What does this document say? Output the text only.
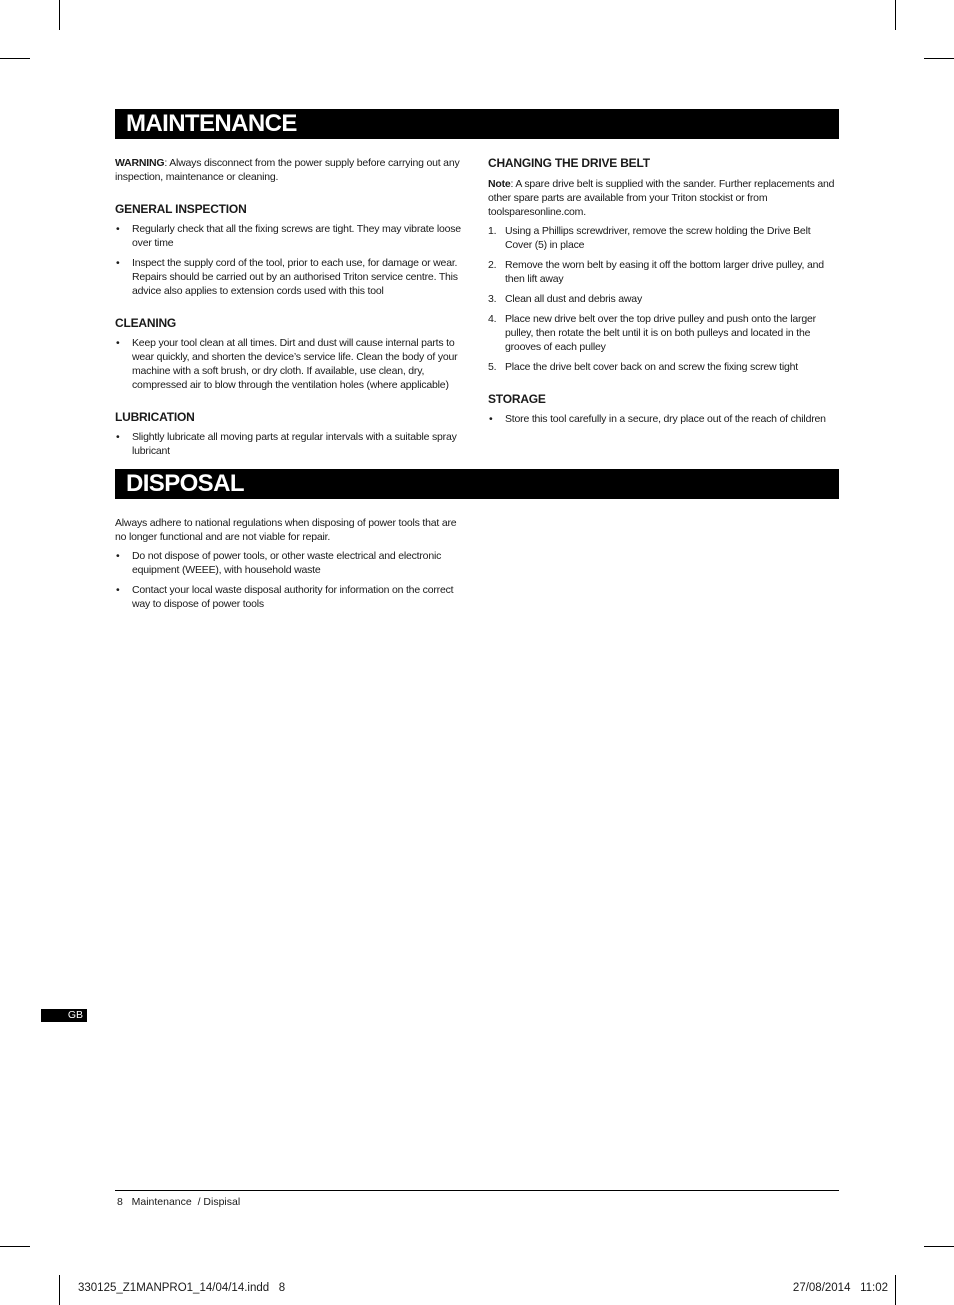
MAINTENANCE

WARNING: Always disconnect from the power supply before carrying out any inspection, maintenance or cleaning.

GENERAL INSPECTION
• Regularly check that all the fixing screws are tight. They may vibrate loose over time
• Inspect the supply cord of the tool, prior to each use, for damage or wear. Repairs should be carried out by an authorised Triton service centre. This advice also applies to extension cords used with this tool
CLEANING
• Keep your tool clean at all times. Dirt and dust will cause internal parts to wear quickly, and shorten the device’s service life. Clean the body of your machine with a soft brush, or dry cloth. If available, use clean, dry, compressed air to blow through the ventilation holes (where applicable)
LUBRICATION
• Slightly lubricate all moving parts at regular intervals with a suitable spray lubricant
CHANGING THE DRIVE BELT

Note: A spare drive belt is supplied with the sander. Further replacements and other spare parts are available from your Triton stockist or from toolsparesonline.com.

1. Using a Phillips screwdriver, remove the screw holding the Drive Belt Cover (5) in place
2. Remove the worn belt by easing it off the bottom larger drive pulley, and then lift away
3. Clean all dust and debris away
4. Place new drive belt over the top drive pulley and push onto the larger pulley, then rotate the belt until it is on both pulleys and located in the grooves of each pulley
5. Place the drive belt cover back on and screw the fixing screw tight
STORAGE
• Store this tool carefully in a secure, dry place out of the reach of children
DISPOSAL

Always adhere to national regulations when disposing of power tools that are no longer functional and are not viable for repair.

• Do not dispose of power tools, or other waste electrical and electronic equipment (WEEE), with household waste
• Contact your local waste disposal authority for information on the correct way to dispose of power tools
GB
8 Maintenance  / Dispisal
330125_Z1MANPRO1_14/04/14.indd   8	27/08/2014   11:02
